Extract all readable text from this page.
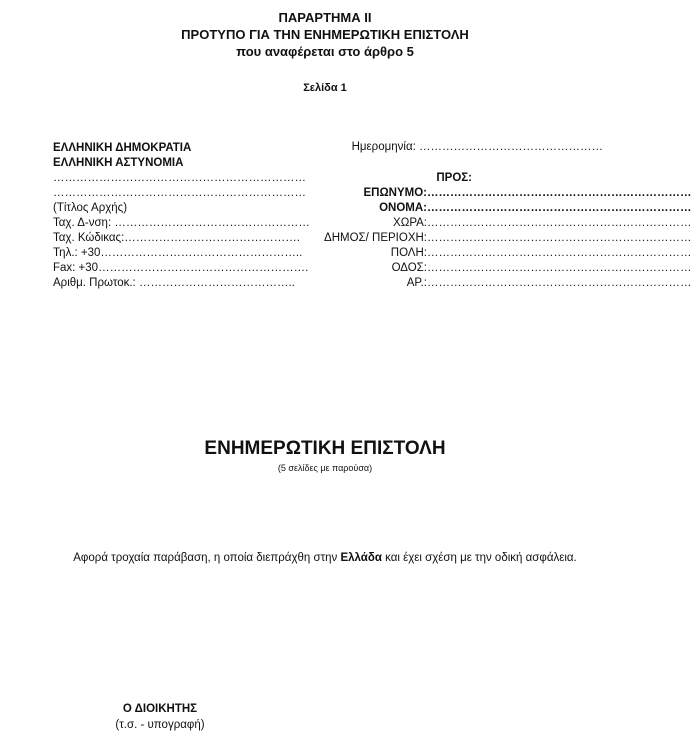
ΠΑΡΑΡΤΗΜΑ ΙΙ
ΠΡΟΤΥΠΟ ΓΙΑ ΤΗΝ ΕΝΗΜΕΡΩΤΙΚΗ ΕΠΙΣΤΟΛΗ
που αναφέρεται στο άρθρο 5
Σελίδα 1
ΕΛΛΗΝΙΚΗ ΔΗΜΟΚΡΑΤΙΑ
ΕΛΛΗΝΙΚΗ ΑΣΤΥΝΟΜΙΑ
…………………………………………………………
…………………………………………………………
(Τίτλος Αρχής)
Ταχ. Δ-νση: ……………………………………………
Ταχ. Κώδικας:……………………………………….
Τηλ.: +30……………………………………………..
Fax: +30……………………………………………….
Αριθμ. Πρωτοκ.: …………………………………..
Ημερομηνία: …………………………………………
ΠΡΟΣ:
ΕΠΩΝΥΜΟ: ……………………………………………………………
ΟΝΟΜΑ: ……………………………………………………………
ΧΩΡΑ: ……………………………………………………………
ΔΗΜΟΣ/ ΠΕΡΙΟΧΗ: ……………………………………………………………
ΠΟΛΗ: ……………………………………………………………
ΟΔΟΣ: ……………………………………………………………
ΑΡ.: ……………………………………………………………
ΕΝΗΜΕΡΩΤΙΚΗ ΕΠΙΣΤΟΛΗ
(5 σελίδες με παρούσα)
Αφορά τροχαία παράβαση, η οποία διεπράχθη στην Ελλάδα και έχει σχέση με την οδική ασφάλεια.
Ο ΔΙΟΙΚΗΤΗΣ
(τ.σ. - υπογραφή)
